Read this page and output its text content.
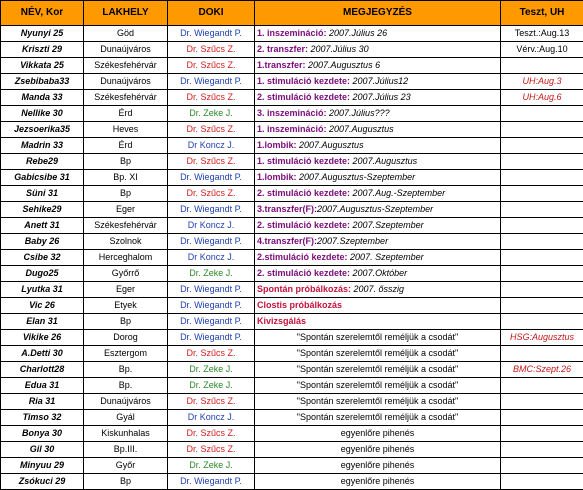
NÉV, Kor	LAKHELY	DOKI	MEGJEGYZÉS	Teszt, UH
Nyunyi 25	Göd	Dr. Wiegandt P.	1. inszemináció: 2007.Július 26	Teszt.:Aug.13
Kriszti 29	Dunaújváros	Dr. Szűcs Z.	2. transzfer: 2007.Július 30	Vérv.:Aug.10
Vikkata 25	Székesfehérvár	Dr. Szűcs Z.	1.transzfer: 2007.Augusztus 6	
Zsebibaba33	Dunaújváros	Dr. Wiegandt P.	1. stimuláció kezdete: 2007.Július12	UH:Aug.3
Manda 33	Székesfehérvár	Dr. Szűcs Z.	2. stimuláció kezdete: 2007.Július 23	UH:Aug.6
Nellike 30	Érd	Dr. Zeke J.	3. inszemináció: 2007.Július???	
Jezsoerika35	Heves	Dr. Szűcs Z.	1. inszemináció: 2007.Augusztus	
Madrin 33	Érd	Dr Koncz J.	1.lombik: 2007.Augusztus	
Rebe29	Bp	Dr. Szűcs Z.	1. stimuláció kezdete: 2007.Augusztus	
Gabicsibe 31	Bp. XI	Dr. Wiegandt P.	1.lombik: 2007.Augusztus-Szeptember	
Süni 31	Bp	Dr. Szűcs Z.	2. stimuláció kezdete: 2007.Aug.-Szeptember	
Sehike29	Eger	Dr. Wiegandt P.	3.transzfer(F):2007.Augusztus-Szeptember	
Anett 31	Székesfehérvár	Dr Koncz J.	2. stimuláció kezdete: 2007.Szeptember	
Baby 26	Szolnok	Dr. Wiegandt P.	4.transzfer(F):2007.Szeptember	
Csibe 32	Herceghalom	Dr Koncz J.	2.stimuláció kezdete: 2007. Szeptember	
Dugo25	Győrrő	Dr. Zeke J.	2. stimuláció kezdete: 2007.Október	
Lyutka 31	Eger	Dr. Wiegandt P.	Spontán próbálkozás: 2007. ősszig	
Vic 26	Etyek	Dr. Wiegandt P.	Clostis próbálkozás	
Elan 31	Bp	Dr. Wiegandt P.	Kivizsgálás	
Vikike 26	Dorog	Dr. Wiegandt P.	"Spontán szerelemtől reméljük a csodát"	HSG:Augusztus
A.Detti 30	Esztergom	Dr. Szűcs Z.	"Spontán szerelemtől reméljük a csodát"	
Charlott28	Bp.	Dr. Zeke J.	"Spontán szerelemtől reméljük a csodát"	BMC:Szept.26
Edua 31	Bp.	Dr. Zeke J.	"Spontán szerelemtől reméljük a csodát"	
Ria 31	Dunaújváros	Dr. Szűcs Z.	"Spontán szerelemtől reméljük a csodát"	
Timso 32	Gyál	Dr Koncz J.	"Spontán szerelemtől reméljük a csodát"	
Bonya 30	Kiskunhalas	Dr. Szűcs Z.	egyenlőre pihenés	
Gil 30	Bp.III.	Dr. Szűcs Z.	egyenlőre pihenés	
Minyuu 29	Győr	Dr. Zeke J.	egyenlőre pihenés	
Zsókuci 29	Bp	Dr. Wiegandt P.	egyenlőre pihenés	
